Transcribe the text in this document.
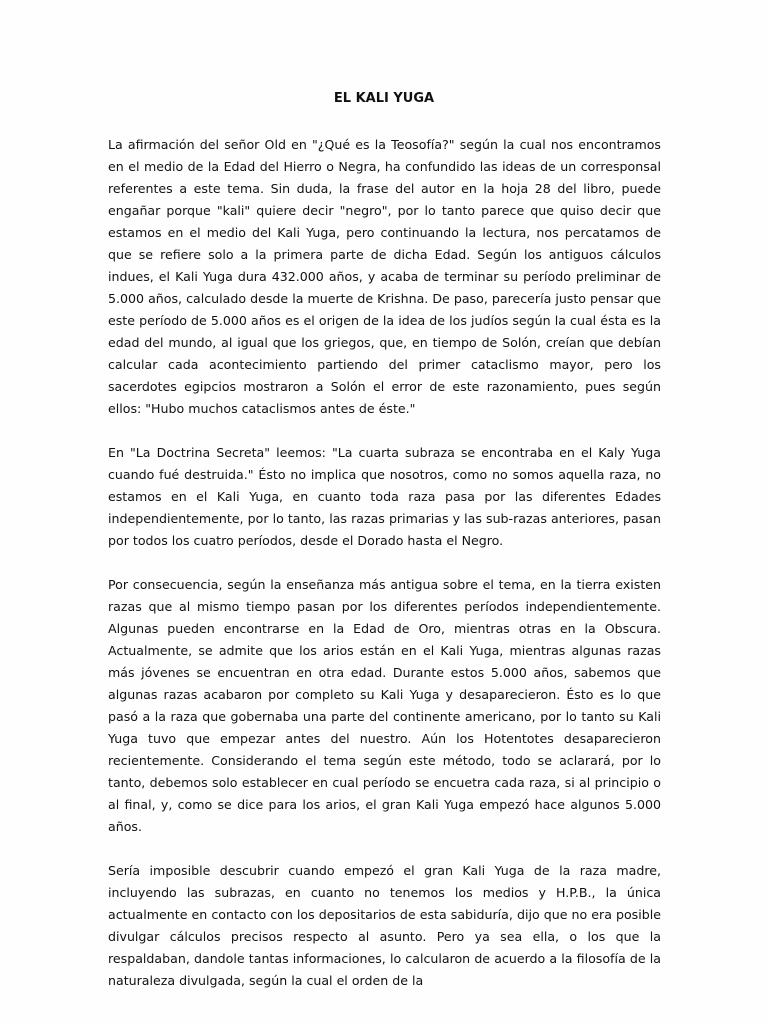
EL KALI YUGA

La afirmación del señor Old en "¿Qué es la Teosofía?" según la cual nos encontramos en el medio de la Edad del Hierro o Negra, ha confundido las ideas de un corresponsal referentes a este tema. Sin duda, la frase del autor en la hoja 28 del libro, puede engañar porque "kali" quiere decir "negro", por lo tanto parece que quiso decir que estamos en el medio del Kali Yuga, pero continuando la lectura, nos percatamos de que se refiere solo a la primera parte de dicha Edad. Según los antiguos cálculos indues, el Kali Yuga dura 432.000 años, y acaba de terminar su período preliminar de 5.000 años, calculado desde la muerte de Krishna. De paso, parecería justo pensar que este período de 5.000 años es el origen de la idea de los judíos según la cual ésta es la edad del mundo, al igual que los griegos, que, en tiempo de Solón, creían que debían calcular cada acontecimiento partiendo del primer cataclismo mayor, pero los sacerdotes egipcios mostraron a Solón el error de este razonamiento, pues según ellos: "Hubo muchos cataclismos antes de éste."

En "La Doctrina Secreta" leemos: "La cuarta subraza se encontraba en el Kaly Yuga cuando fué destruida." Ésto no implica que nosotros, como no somos aquella raza, no estamos en el Kali Yuga, en cuanto toda raza pasa por las diferentes Edades independientemente, por lo tanto, las razas primarias y las sub-razas anteriores, pasan por todos los cuatro períodos, desde el Dorado hasta el Negro.

Por consecuencia, según la enseñanza más antigua sobre el tema, en la tierra existen razas que al mismo tiempo pasan por los diferentes períodos independientemente. Algunas pueden encontrarse en la Edad de Oro, mientras otras en la Obscura. Actualmente, se admite que los arios están en el Kali Yuga, mientras algunas razas más jóvenes se encuentran en otra edad. Durante estos 5.000 años, sabemos que algunas razas acabaron por completo su Kali Yuga y desaparecieron. Ésto es lo que pasó a la raza que gobernaba una parte del continente americano, por lo tanto su Kali Yuga tuvo que empezar antes del nuestro. Aún los Hotentotes desaparecieron recientemente. Considerando el tema según este método, todo se aclarará, por lo tanto, debemos solo establecer en cual período se encuetra cada raza, si al principio o al final, y, como se dice para los arios, el gran Kali Yuga empezó hace algunos 5.000 años.

Sería imposible descubrir cuando empezó el gran Kali Yuga de la raza madre, incluyendo las subrazas, en cuanto no tenemos los medios y H.P.B., la única actualmente en contacto con los depositarios de esta sabiduría, dijo que no era posible divulgar cálculos precisos respecto al asunto. Pero ya sea ella, o los que la respaldaban, dandole tantas informaciones, lo calcularon de acuerdo a la filosofía de la naturaleza divulgada, según la cual el orden de la
